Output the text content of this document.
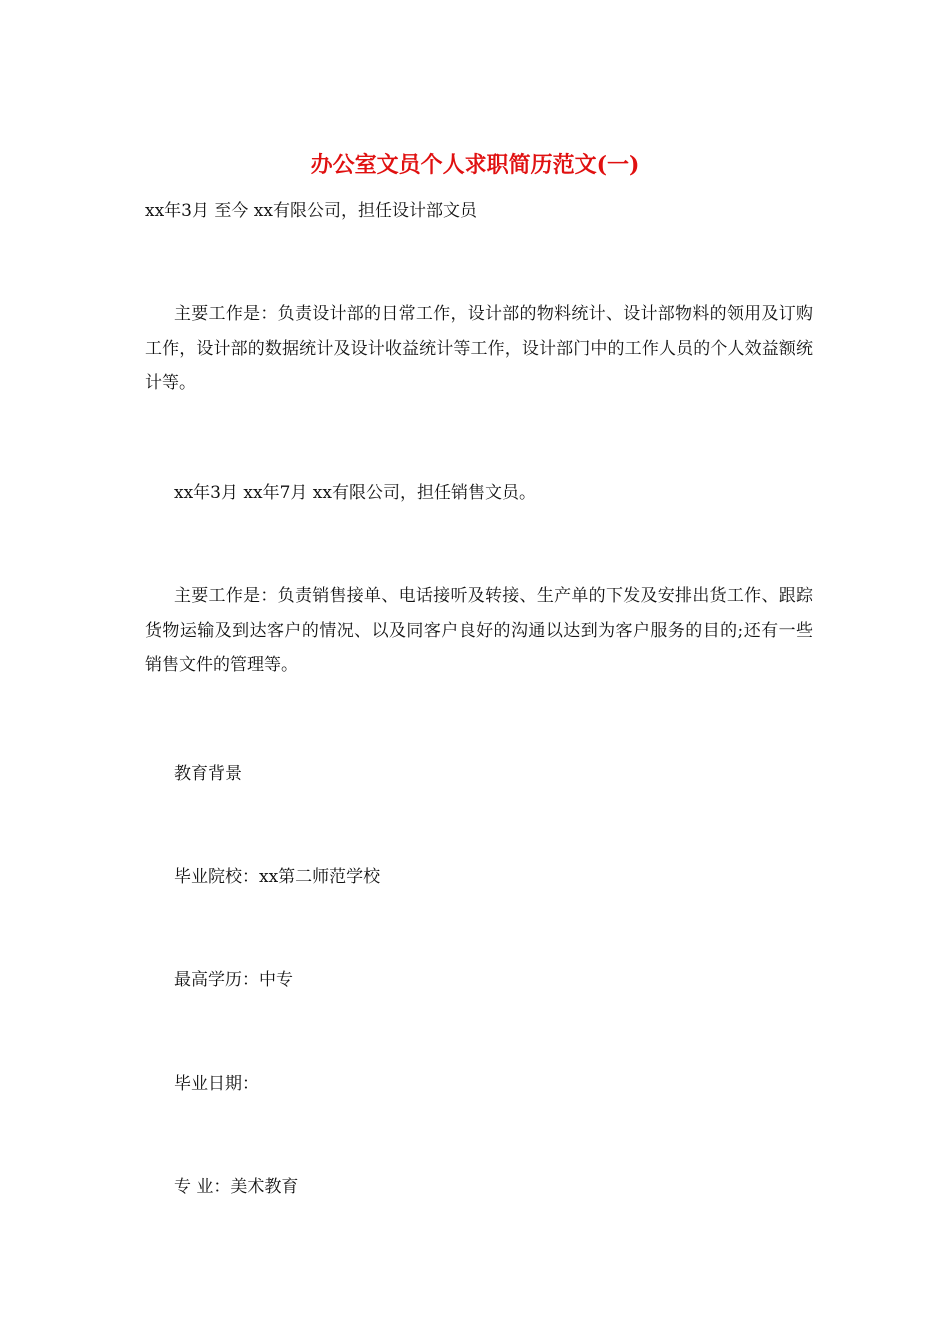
办公室文员个人求职简历范文(一)

xx年3月 至今 xx有限公司，担任设计部文员

主要工作是：负责设计部的日常工作，设计部的物料统计、设计部物料的领用及订购工作，设计部的数据统计及设计收益统计等工作，设计部门中的工作人员的个人效益额统计等。

xx年3月 xx年7月 xx有限公司，担任销售文员。

主要工作是：负责销售接单、电话接听及转接、生产单的下发及安排出货工作、跟踪货物运输及到达客户的情况、以及同客户良好的沟通以达到为客户服务的目的;还有一些销售文件的管理等。

教育背景

毕业院校：xx第二师范学校

最高学历：中专

毕业日期：

专 业：美术教育
